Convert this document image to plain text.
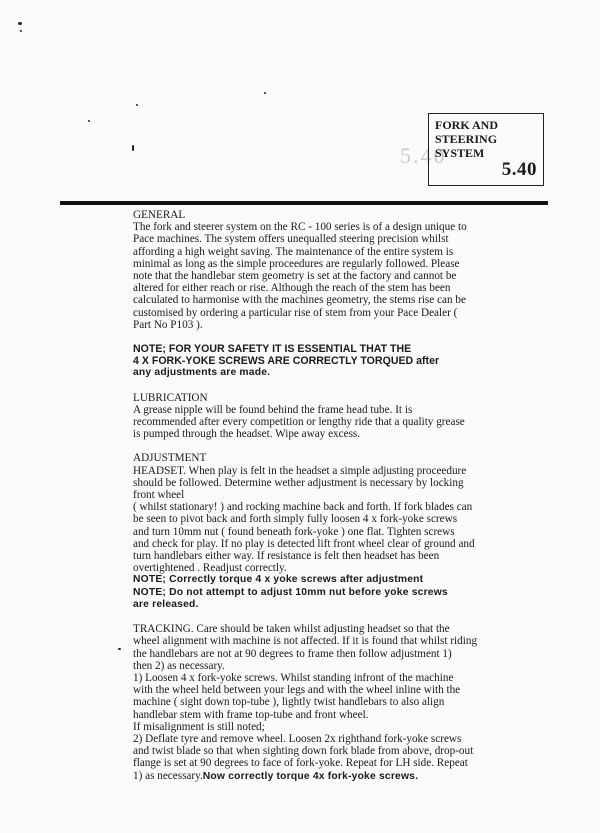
5.40
FORK AND
STEERING
SYSTEM
5.40

GENERAL

The fork and steerer system on the RC - 100 series is of a design unique to

Pace machines. The system offers unequalled steering precision whilst

affording a high weight saving. The maintenance of the entire system is

minimal as long as the simple proceedures are regularly followed. Please

note that the handlebar stem geometry is set at the factory and cannot be

altered for either reach or rise. Although the reach of the stem has been

calculated to harmonise with the machines geometry, the stems rise can be

customised by ordering a particular rise of stem from your Pace Dealer (

Part No P103 ).

NOTE; FOR YOUR SAFETY IT IS ESSENTIAL THAT THE

4 X FORK-YOKE SCREWS ARE CORRECTLY TORQUED after

any adjustments are made.

LUBRICATION

A grease nipple will be found behind the frame head tube. It is

recommended after every competition or lengthy ride that a quality grease

is pumped through the headset. Wipe away excess.

ADJUSTMENT

HEADSET. When play is felt in the headset a simple adjusting proceedure

should be followed. Determine wether adjustment is necessary by locking

front wheel

( whilst stationary! ) and rocking machine back and forth. If fork blades can

be seen to pivot back and forth simply fully loosen 4 x fork-yoke screws

and turn 10mm nut ( found beneath fork-yoke ) one flat. Tighten screws

and check for play. If no play is detected lift front wheel clear of ground and

turn handlebars either way. If resistance is felt then headset has been

overtightened . Readjust correctly.

NOTE; Correctly torque 4 x yoke screws after adjustment

NOTE; Do not attempt to adjust 10mm nut before yoke screws

are released.

TRACKING. Care should be taken whilst adjusting headset so that the

wheel alignment with machine is not affected. If it is found that whilst riding

the handlebars are not at 90 degrees to frame then follow adjustment 1)

then 2) as necessary.

1) Loosen 4 x fork-yoke screws. Whilst standing infront of the machine

with the wheel held between your legs and with the wheel inline with the

machine ( sight down top-tube ), lightly twist handlebars to also align

handlebar stem with frame top-tube and front wheel.

If misalignment is still noted;

2) Deflate tyre and remove wheel. Loosen 2x righthand fork-yoke screws

and twist blade so that when sighting down fork blade from above, drop-out

flange is set at 90 degrees to face of fork-yoke. Repeat for LH side. Repeat

1) as necessary.Now correctly torque 4x fork-yoke screws.
